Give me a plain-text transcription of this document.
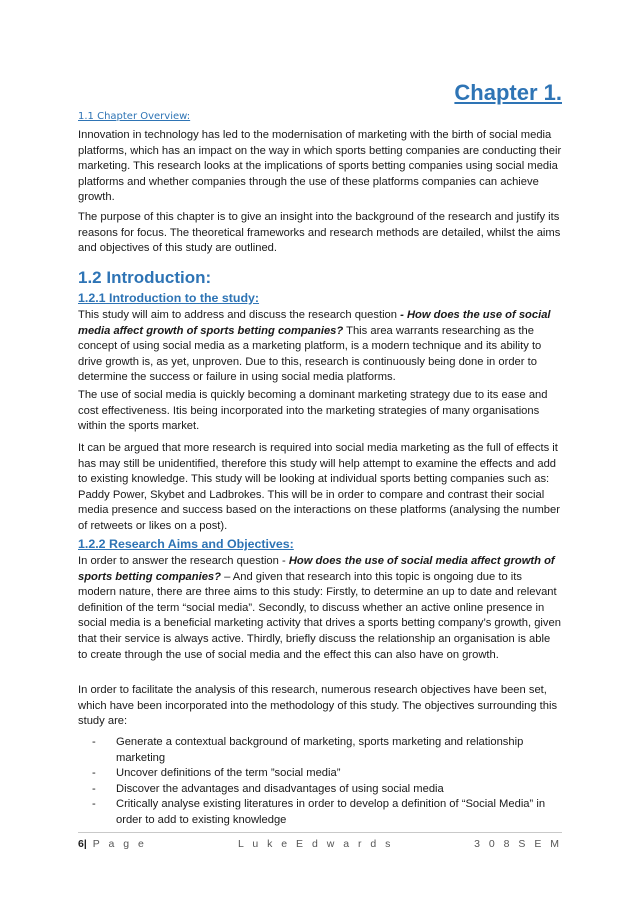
Chapter 1.

1.1 Chapter Overview:

Innovation in technology has led to the modernisation of marketing with the birth of social media platforms, which has an impact on the way in which sports betting companies are conducting their marketing. This research looks at the implications of sports betting companies using social media platforms and whether companies through the use of these platforms companies can achieve growth.

The purpose of this chapter is to give an insight into the background of the research and justify its reasons for focus. The theoretical frameworks and research methods are detailed, whilst the aims and objectives of this study are outlined.

1.2 Introduction:
1.2.1 Introduction to the study:

This study will aim to address and discuss the research question - How does the use of social media affect growth of sports betting companies? This area warrants researching as the concept of using social media as a marketing platform, is a modern technique and its ability to drive growth is, as yet, unproven. Due to this, research is continuously being done in order to determine the success or failure in using social media platforms.

The use of social media is quickly becoming a dominant marketing strategy due to its ease and cost effectiveness. Itis being incorporated into the marketing strategies of many organisations within the sports market.

It can be argued that more research is required into social media marketing as the full of effects it has may still be unidentified, therefore this study will help attempt to examine the effects and add to existing knowledge. This study will be looking at individual sports betting companies such as: Paddy Power, Skybet and Ladbrokes. This will be in order to compare and contrast their social media presence and success based on the interactions on these platforms (analysing the number of retweets or likes on a post).

1.2.2 Research Aims and Objectives:

In order to answer the research question - How does the use of social media affect growth of sports betting companies? – And given that research into this topic is ongoing due to its modern nature, there are three aims to this study: Firstly, to determine an up to date and relevant definition of the term “social media”. Secondly, to discuss whether an active online presence in social media is a beneficial marketing activity that drives a sports betting company’s growth, given that their service is always active. Thirdly, briefly discuss the relationship an organisation is able to create through the use of social media and the effect this can also have on growth.

In order to facilitate the analysis of this research, numerous research objectives have been set, which have been incorporated into the methodology of this study. The objectives surrounding this study are:

- Generate a contextual background of marketing, sports marketing and relationship marketing
- Uncover definitions of the term ”social media”
- Discover the advantages and disadvantages of using social media
- Critically analyse existing literatures in order to develop a definition of “Social Media” in order to add to existing knowledge
6| P a g e	L u k e E d w a r d s	3 0 8 S E M
